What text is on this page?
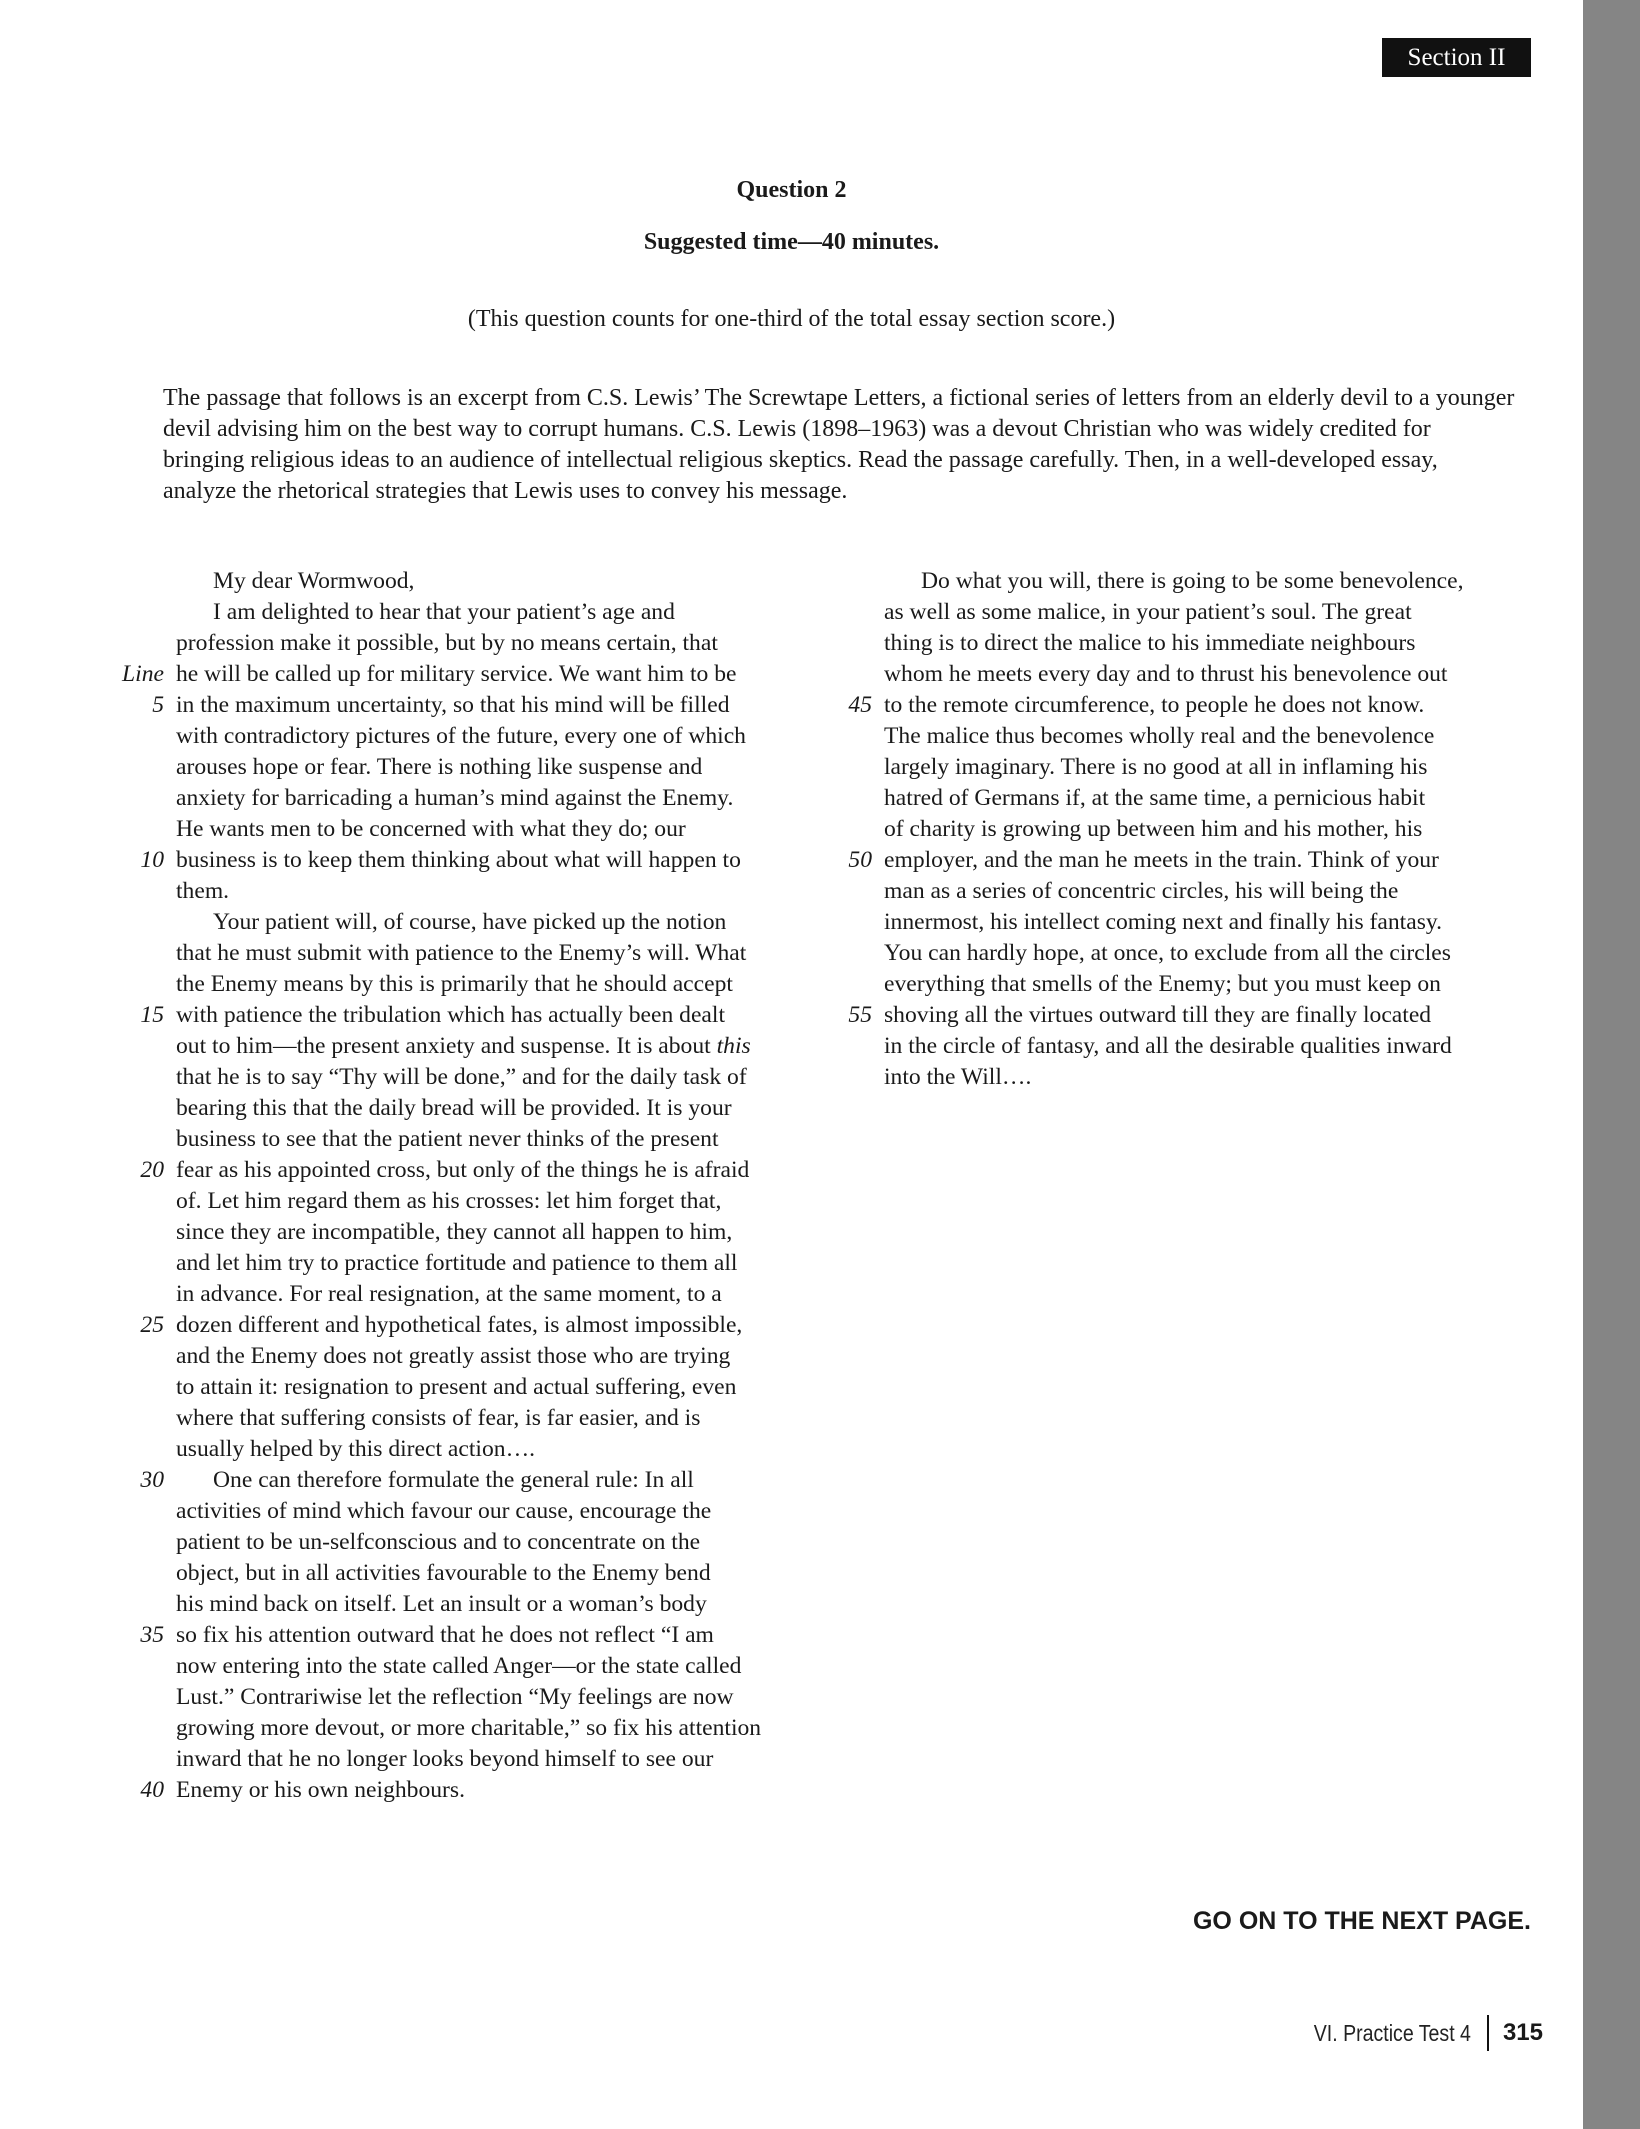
Section II
Question 2
Suggested time—40 minutes.
(This question counts for one-third of the total essay section score.)
The passage that follows is an excerpt from C.S. Lewis’ The Screwtape Letters, a fictional series of letters from an elderly devil to a younger devil advising him on the best way to corrupt humans. C.S. Lewis (1898–1963) was a devout Christian who was widely credited for bringing religious ideas to an audience of intellectual religious skeptics. Read the passage carefully. Then, in a well-developed essay, analyze the rhetorical strategies that Lewis uses to convey his message.
My dear Wormwood,
I am delighted to hear that your patient’s age and
profession make it possible, but by no means certain, that
Line he will be called up for military service. We want him to be
5 in the maximum uncertainty, so that his mind will be filled
with contradictory pictures of the future, every one of which
arouses hope or fear. There is nothing like suspense and
anxiety for barricading a human’s mind against the Enemy.
He wants men to be concerned with what they do; our
10 business is to keep them thinking about what will happen to
them.
Your patient will, of course, have picked up the notion
that he must submit with patience to the Enemy’s will. What
the Enemy means by this is primarily that he should accept
15 with patience the tribulation which has actually been dealt
out to him—the present anxiety and suspense. It is about this
that he is to say “Thy will be done,” and for the daily task of
bearing this that the daily bread will be provided. It is your
business to see that the patient never thinks of the present
20 fear as his appointed cross, but only of the things he is afraid
of. Let him regard them as his crosses: let him forget that,
since they are incompatible, they cannot all happen to him,
and let him try to practice fortitude and patience to them all
in advance. For real resignation, at the same moment, to a
25 dozen different and hypothetical fates, is almost impossible,
and the Enemy does not greatly assist those who are trying
to attain it: resignation to present and actual suffering, even
where that suffering consists of fear, is far easier, and is
usually helped by this direct action….
30 One can therefore formulate the general rule: In all
activities of mind which favour our cause, encourage the
patient to be un-selfconscious and to concentrate on the
object, but in all activities favourable to the Enemy bend
his mind back on itself. Let an insult or a woman’s body
35 so fix his attention outward that he does not reflect “I am
now entering into the state called Anger—or the state called
Lust.” Contrariwise let the reflection “My feelings are now
growing more devout, or more charitable,” so fix his attention
inward that he no longer looks beyond himself to see our
40 Enemy or his own neighbours.
Do what you will, there is going to be some benevolence,
as well as some malice, in your patient’s soul. The great
thing is to direct the malice to his immediate neighbours
whom he meets every day and to thrust his benevolence out
45 to the remote circumference, to people he does not know.
The malice thus becomes wholly real and the benevolence
largely imaginary. There is no good at all in inflaming his
hatred of Germans if, at the same time, a pernicious habit
of charity is growing up between him and his mother, his
50 employer, and the man he meets in the train. Think of your
man as a series of concentric circles, his will being the
innermost, his intellect coming next and finally his fantasy.
You can hardly hope, at once, to exclude from all the circles
everything that smells of the Enemy; but you must keep on
55 shoving all the virtues outward till they are finally located
in the circle of fantasy, and all the desirable qualities inward
into the Will….
GO ON TO THE NEXT PAGE.
VI. Practice Test 4 315
